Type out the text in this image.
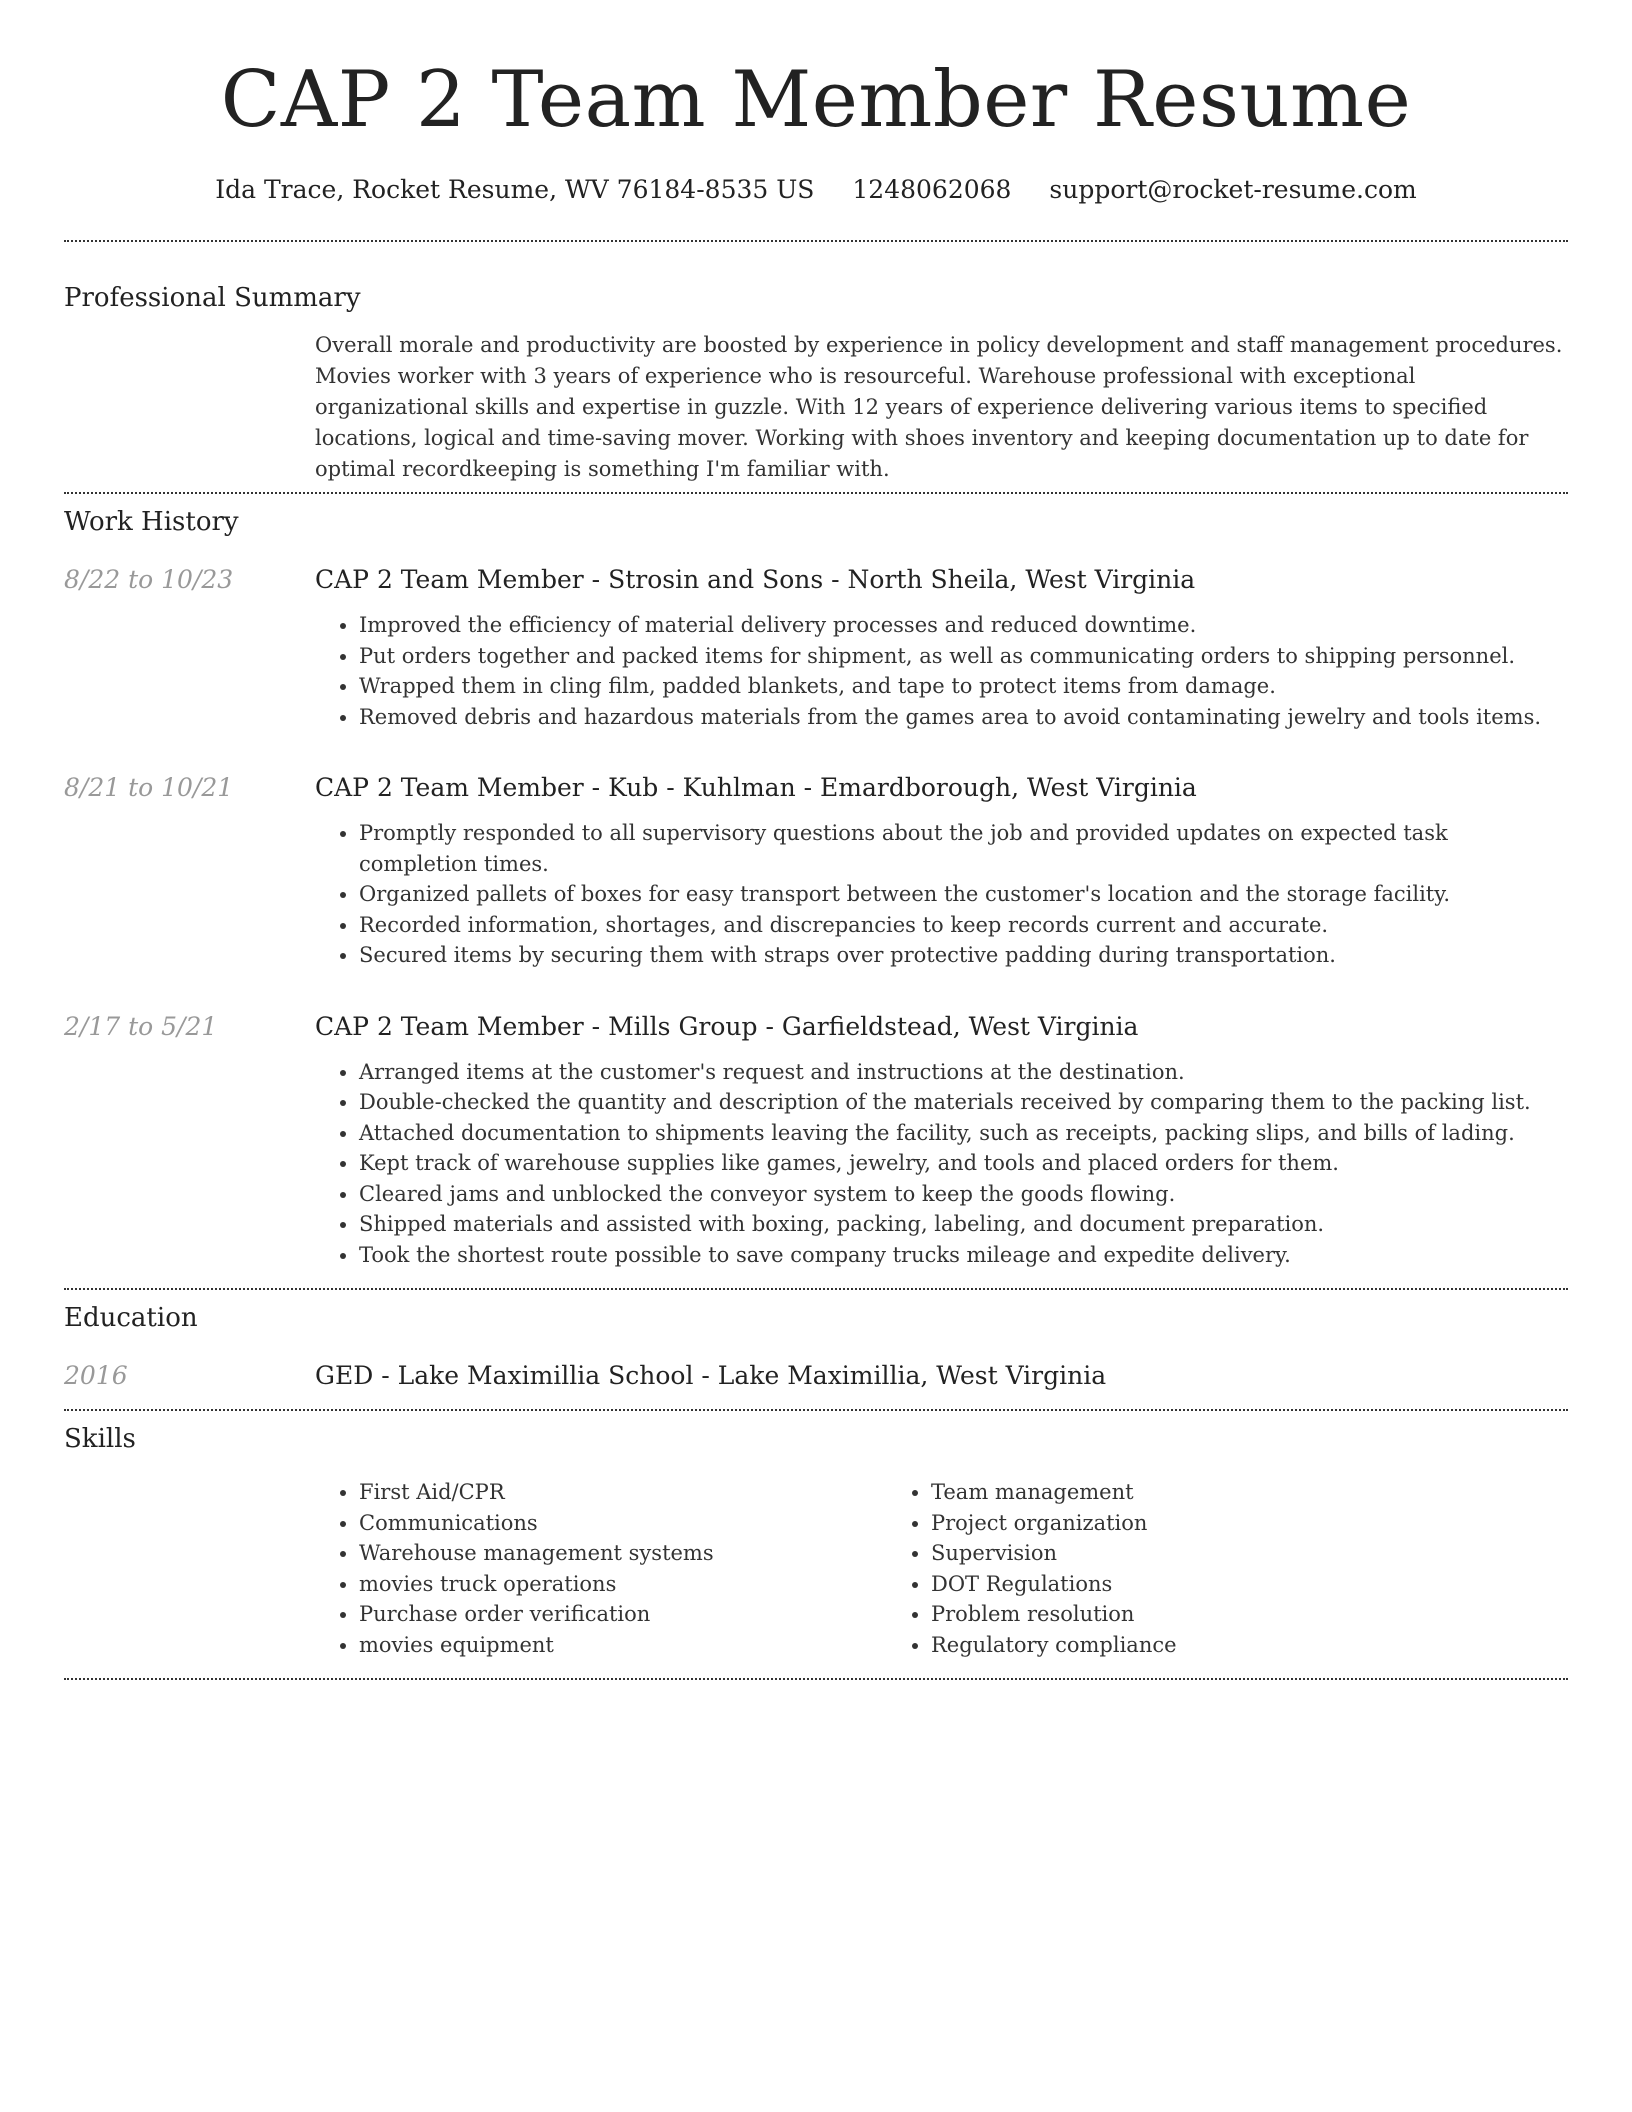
CAP 2 Team Member Resume
Ida Trace, Rocket Resume, WV 76184-8535 US 1248062068 support@rocket-resume.com
Professional Summary

Overall morale and productivity are boosted by experience in policy development and staff management procedures. Movies worker with 3 years of experience who is resourceful. Warehouse professional with exceptional organizational skills and expertise in guzzle. With 12 years of experience delivering various items to specified locations, logical and time-saving mover. Working with shoes inventory and keeping documentation up to date for optimal recordkeeping is something I'm familiar with.

Work History
8/22 to 10/23	CAP 2 Team Member - Strosin and Sons - North Sheila, West Virginia
• Improved the efficiency of material delivery processes and reduced downtime.
• Put orders together and packed items for shipment, as well as communicating orders to shipping personnel.
• Wrapped them in cling film, padded blankets, and tape to protect items from damage.
• Removed debris and hazardous materials from the games area to avoid contaminating jewelry and tools items.
8/21 to 10/21	CAP 2 Team Member - Kub - Kuhlman - Emardborough, West Virginia
• Promptly responded to all supervisory questions about the job and provided updates on expected task completion times.
• Organized pallets of boxes for easy transport between the customer's location and the storage facility.
• Recorded information, shortages, and discrepancies to keep records current and accurate.
• Secured items by securing them with straps over protective padding during transportation.
2/17 to 5/21	CAP 2 Team Member - Mills Group - Garfieldstead, West Virginia
• Arranged items at the customer's request and instructions at the destination.
• Double-checked the quantity and description of the materials received by comparing them to the packing list.
• Attached documentation to shipments leaving the facility, such as receipts, packing slips, and bills of lading.
• Kept track of warehouse supplies like games, jewelry, and tools and placed orders for them.
• Cleared jams and unblocked the conveyor system to keep the goods flowing.
• Shipped materials and assisted with boxing, packing, labeling, and document preparation.
• Took the shortest route possible to save company trucks mileage and expedite delivery.
Education
2016	GED - Lake Maximillia School - Lake Maximillia, West Virginia
Skills
• First Aid/CPR
• Communications
• Warehouse management systems
• movies truck operations
• Purchase order verification
• movies equipment
• Team management
• Project organization
• Supervision
• DOT Regulations
• Problem resolution
• Regulatory compliance
